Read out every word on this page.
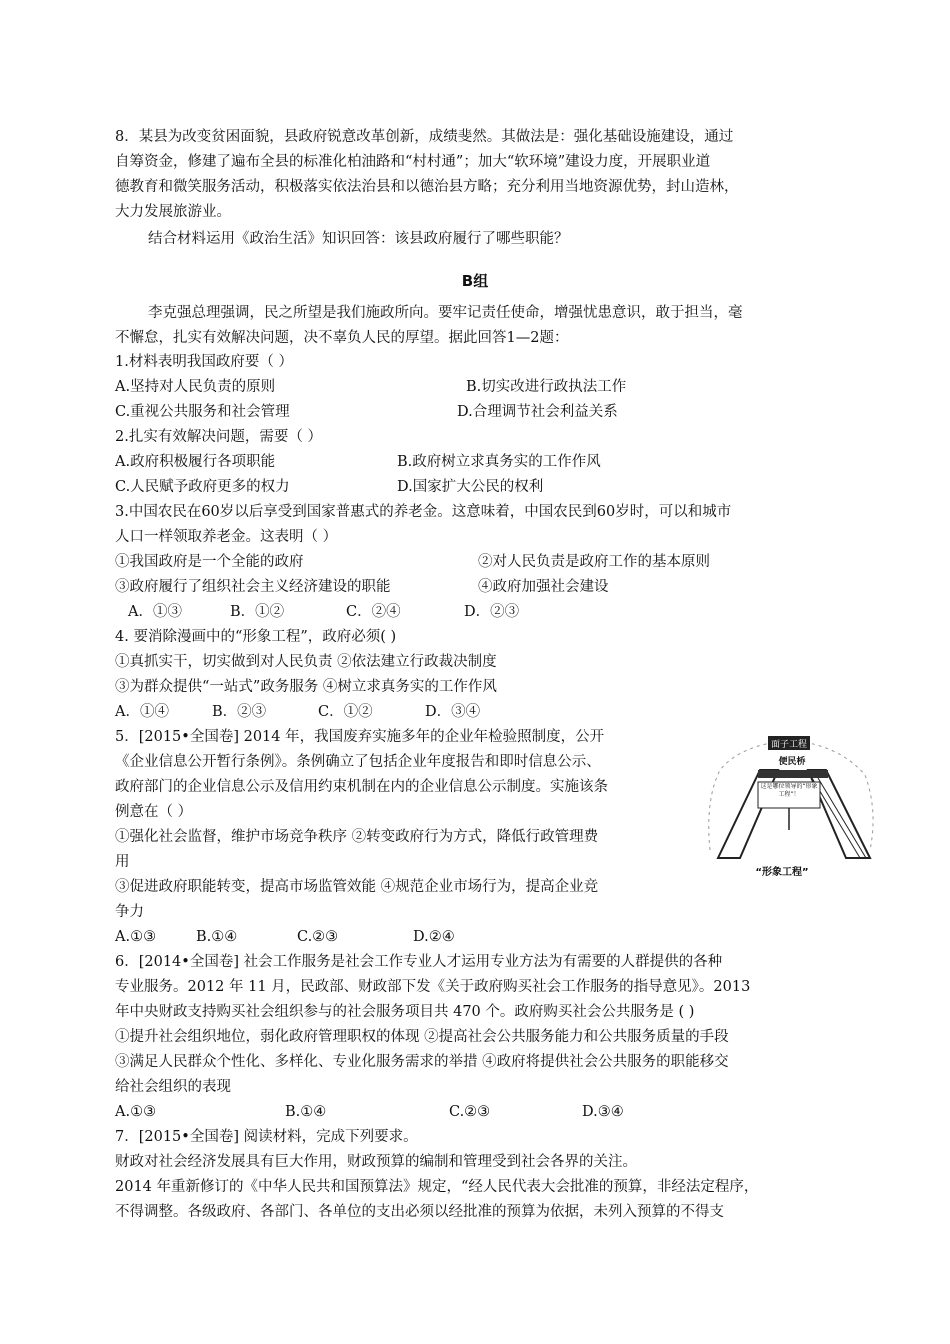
8．某县为改变贫困面貌，县政府锐意改革创新，成绩斐然。其做法是：强化基础设施建设，通过
自筹资金，修建了遍布全县的标准化柏油路和“村村通”；加大“软环境”建设力度，开展职业道
德教育和微笑服务活动，积极落实依法治县和以德治县方略；充分利用当地资源优势，封山造林，
大力发展旅游业。
结合材料运用《政治生活》知识回答：该县政府履行了哪些职能？
B组
李克强总理强调，民之所望是我们施政所向。要牢记责任使命，增强忧患意识，敢于担当，毫
不懈怠，扎实有效解决问题，决不辜负人民的厚望。据此回答1—2题：
1.材料表明我国政府要（ ）
A.坚持对人民负责的原则	B.切实改进行政执法工作
C.重视公共服务和社会管理	D.合理调节社会利益关系
2.扎实有效解决问题，需要（ ）
A.政府积极履行各项职能	B.政府树立求真务实的工作作风
C.人民赋予政府更多的权力	D.国家扩大公民的权利
3.中国农民在60岁以后享受到国家普惠式的养老金。这意味着，中国农民到60岁时，可以和城市
人口一样领取养老金。这表明（ ）
①我国政府是一个全能的政府	②对人民负责是政府工作的基本原则
③政府履行了组织社会主义经济建设的职能	④政府加强社会建设
A．①③	B．①②	C．②④	D．②③
4. 要消除漫画中的“形象工程”，政府必须( )
①真抓实干，切实做到对人民负责 ②依法建立行政裁决制度
③为群众提供“一站式”政务服务 ④树立求真务实的工作作风
A．①④	B．②③	C．①②	D．③④
5．[2015•全国卷] 2014 年，我国废弃实施多年的企业年检验照制度，公开
《企业信息公开暂行条例》。条例确立了包括企业年度报告和即时信息公示、
政府部门的企业信息公示及信用约束机制在内的企业信息公示制度。实施该条
例意在（ ）
①强化社会监督，维护市场竞争秩序 ②转变政府行为方式，降低行政管理费
用
③促进政府职能转变，提高市场监管效能 ④规范企业市场行为，提高企业竞
争力
A.①③	B.①④	C.②③	D.②④
面子工程
便民桥
这是哪位领导的“形象工程”！
“形象工程”
6．[2014•全国卷] 社会工作服务是社会工作专业人才运用专业方法为有需要的人群提供的各种
专业服务。2012 年 11 月，民政部、财政部下发《关于政府购买社会工作服务的指导意见》。2013
年中央财政支持购买社会组织参与的社会服务项目共 470 个。政府购买社会公共服务是 ( )
①提升社会组织地位，弱化政府管理职权的体现 ②提高社会公共服务能力和公共服务质量的手段
③满足人民群众个性化、多样化、专业化服务需求的举措 ④政府将提供社会公共服务的职能移交
给社会组织的表现
A.①③	B.①④	C.②③	D.③④
7．[2015•全国卷] 阅读材料，完成下列要求。
财政对社会经济发展具有巨大作用，财政预算的编制和管理受到社会各界的关注。
2014 年重新修订的《中华人民共和国预算法》规定，“经人民代表大会批准的预算，非经法定程序，
不得调整。各级政府、各部门、各单位的支出必须以经批准的预算为依据，未列入预算的不得支
